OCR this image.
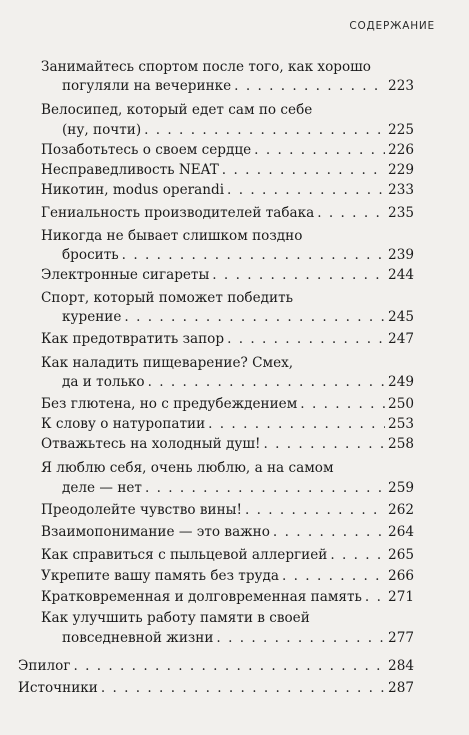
СОДЕРЖАНИЕ
Занимайтесь спортом после того, как хорошо
погуляли на вечеринке . . .	223
Велосипед, который едет сам по себе
(ну, почти) . . .	225
Позаботьтесь о своем сердце . . .	226
Несправедливость NEAT . . .	229
Никотин, modus operandi . . .	233
Гениальность производителей табака . . .	235
Никогда не бывает слишком поздно
бросить . . .	239
Электронные сигареты . . .	244
Спорт, который поможет победить
курение . . .	245
Как предотвратить запор . . .	247
Как наладить пищеварение? Смех,
да и только . . .	249
Без глютена, но с предубеждением . . .	250
К слову о натуропатии . . .	253
Отважьтесь на холодный душ! . . .	258
Я люблю себя, очень люблю, а на самом
деле — нет . . .	259
Преодолейте чувство вины! . . .	262
Взаимопонимание — это важно . . .	264
Как справиться с пыльцевой аллергией . . .	265
Укрепите вашу память без труда . . .	266
Кратковременная и долговременная память . . . 271
Как улучшить работу памяти в своей
повседневной жизни . . .	277
Эпилог . . .	284
Источники . . .	287
